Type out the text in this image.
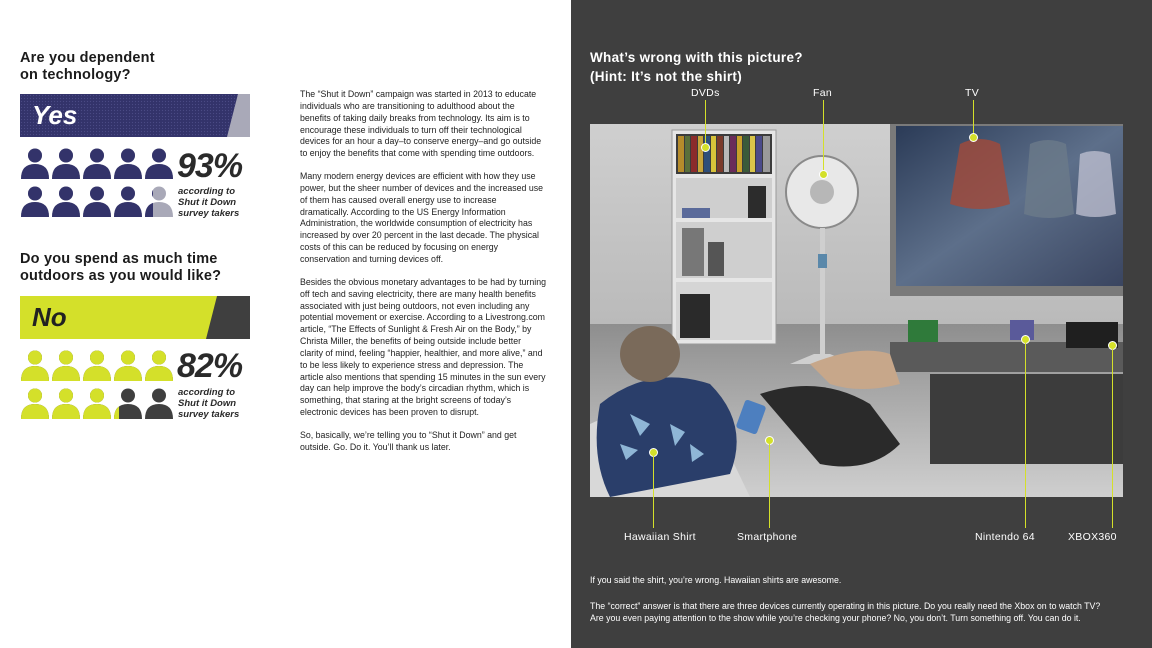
Are you dependent
on technology?
Yes
93%
according to
Shut it Down
survey takers
Do you spend as much time
outdoors as you would like?
No
82%
according to
Shut it Down
survey takers

The “Shut it Down” campaign was started in 2013 to educate individuals who are transitioning to adulthood about the benefits of taking daily breaks from technology. Its aim is to encourage these individuals to turn off their technological devices for an hour a day–to conserve energy–and go outside to enjoy the benefits that come with spending time outdoors.

Many modern energy devices are efficient with how they use power, but the sheer number of devices and the increased use of them has caused overall energy use to increase dramatically. According to the US Energy Information Administration, the worldwide consumption of electricity has increased by over 20 percent in the last decade. The physical costs of this can be reduced by focusing on energy conservation and turning devices off.

Besides the obvious monetary advantages to be had by turning off tech and saving electricity, there are many health benefits associated with just being outdoors, not even including any potential movement or exercise. According to a Livestrong.com article, “The Effects of Sunlight & Fresh Air on the Body,” by Christa Miller, the benefits of being outside include better clarity of mind, feeling “happier, healthier, and more alive,” and to be less likely to experience stress and depression. The article also mentions that spending 15 minutes in the sun every day can help improve the body’s circadian rhythm, which is something, that staring at the bright screens of today’s electronic devices has been proven to disrupt.

So, basically, we’re telling you to “Shut it Down” and get outside. Go. Do it. You’ll thank us later.

What’s wrong with this picture?
(Hint: It’s not the shirt)
DVDs	Fan	TV
Hawaiian Shirt	Smartphone	Nintendo 64	XBOX360
If you said the shirt, you’re wrong. Hawaiian shirts are awesome.
The “correct” answer is that there are three devices currently operating in this picture. Do you really need the Xbox on to watch TV? Are you even paying attention to the show while you’re checking your phone? No, you don’t. Turn something off. You can do it.
